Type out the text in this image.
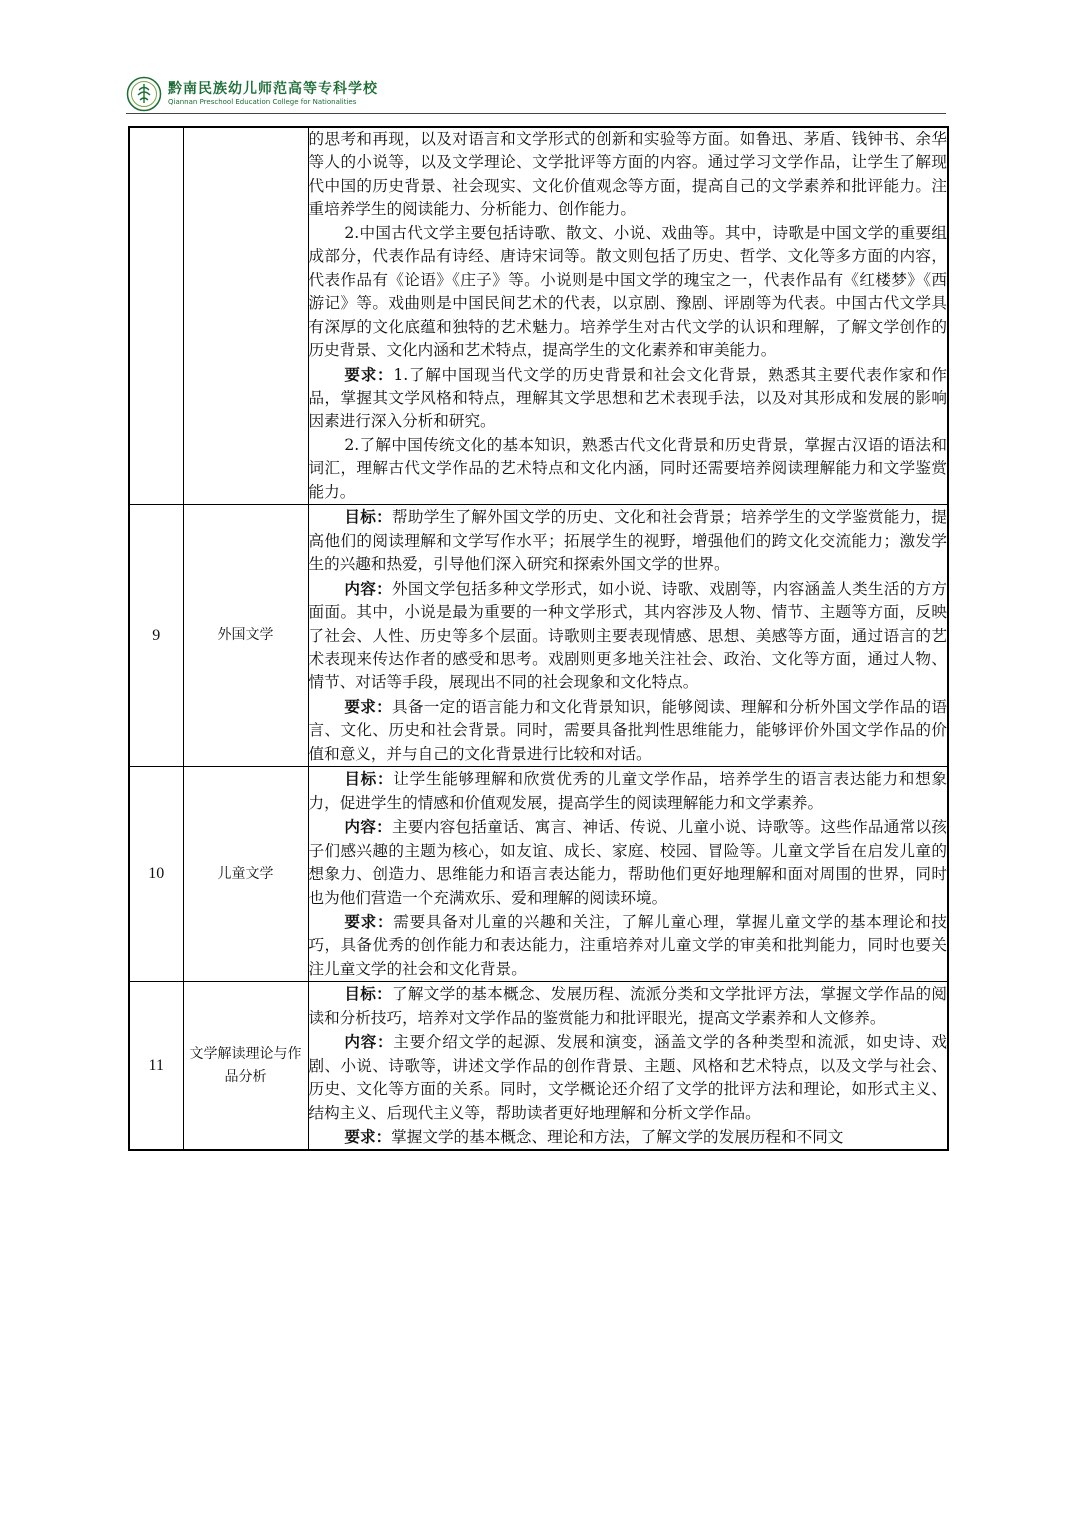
黔南民族幼儿师范高等专科学校
Qiannan Preschool Education College for Nationalities

		的思考和再现，以及对语言和文学形式的创新和实验等方面。如鲁迅、茅盾、钱钟书、余华等人的小说等，以及文学理论、文学批评等方面的内容。通过学习文学作品，让学生了解现代中国的历史背景、社会现实、文化价值观念等方面，提高自己的文学素养和批评能力。注重培养学生的阅读能力、分析能力、创作能力。

2.中国古代文学主要包括诗歌、散文、小说、戏曲等。其中，诗歌是中国文学的重要组成部分，代表作品有诗经、唐诗宋词等。散文则包括了历史、哲学、文化等多方面的内容，代表作品有《论语》《庄子》等。小说则是中国文学的瑰宝之一，代表作品有《红楼梦》《西游记》等。戏曲则是中国民间艺术的代表，以京剧、豫剧、评剧等为代表。中国古代文学具有深厚的文化底蕴和独特的艺术魅力。培养学生对古代文学的认识和理解，了解文学创作的历史背景、文化内涵和艺术特点，提高学生的文化素养和审美能力。

要求：1.了解中国现当代文学的历史背景和社会文化背景，熟悉其主要代表作家和作品，掌握其文学风格和特点，理解其文学思想和艺术表现手法，以及对其形成和发展的影响因素进行深入分析和研究。

2.了解中国传统文化的基本知识，熟悉古代文化背景和历史背景，掌握古汉语的语法和词汇，理解古代文学作品的艺术特点和文化内涵，同时还需要培养阅读理解能力和文学鉴赏能力。

9	外国文学	目标：帮助学生了解外国文学的历史、文化和社会背景；培养学生的文学鉴赏能力，提高他们的阅读理解和文学写作水平；拓展学生的视野，增强他们的跨文化交流能力；激发学生的兴趣和热爱，引导他们深入研究和探索外国文学的世界。

内容：外国文学包括多种文学形式，如小说、诗歌、戏剧等，内容涵盖人类生活的方方面面。其中，小说是最为重要的一种文学形式，其内容涉及人物、情节、主题等方面，反映了社会、人性、历史等多个层面。诗歌则主要表现情感、思想、美感等方面，通过语言的艺术表现来传达作者的感受和思考。戏剧则更多地关注社会、政治、文化等方面，通过人物、情节、对话等手段，展现出不同的社会现象和文化特点。

要求：具备一定的语言能力和文化背景知识，能够阅读、理解和分析外国文学作品的语言、文化、历史和社会背景。同时，需要具备批判性思维能力，能够评价外国文学作品的价值和意义，并与自己的文化背景进行比较和对话。

10	儿童文学	目标：让学生能够理解和欣赏优秀的儿童文学作品，培养学生的语言表达能力和想象力，促进学生的情感和价值观发展，提高学生的阅读理解能力和文学素养。

内容：主要内容包括童话、寓言、神话、传说、儿童小说、诗歌等。这些作品通常以孩子们感兴趣的主题为核心，如友谊、成长、家庭、校园、冒险等。儿童文学旨在启发儿童的想象力、创造力、思维能力和语言表达能力，帮助他们更好地理解和面对周围的世界，同时也为他们营造一个充满欢乐、爱和理解的阅读环境。

要求：需要具备对儿童的兴趣和关注，了解儿童心理，掌握儿童文学的基本理论和技巧，具备优秀的创作能力和表达能力，注重培养对儿童文学的审美和批判能力，同时也要关注儿童文学的社会和文化背景。

11	文学解读理论与作品分析	目标：了解文学的基本概念、发展历程、流派分类和文学批评方法，掌握文学作品的阅读和分析技巧，培养对文学作品的鉴赏能力和批评眼光，提高文学素养和人文修养。

内容：主要介绍文学的起源、发展和演变，涵盖文学的各种类型和流派，如史诗、戏剧、小说、诗歌等，讲述文学作品的创作背景、主题、风格和艺术特点，以及文学与社会、历史、文化等方面的关系。同时，文学概论还介绍了文学的批评方法和理论，如形式主义、结构主义、后现代主义等，帮助读者更好地理解和分析文学作品。

要求：掌握文学的基本概念、理论和方法，了解文学的发展历程和不同文
